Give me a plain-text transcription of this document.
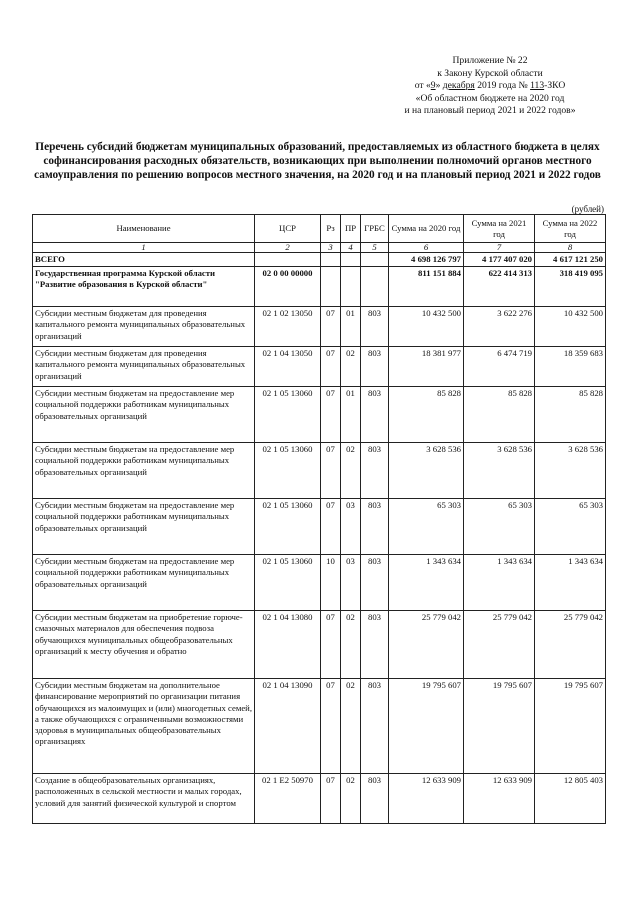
Приложение № 22
к Закону Курской области
от «9» декабря 2019 года № 113-ЗКО
«Об областном бюджете на 2020 год
и на плановый период 2021 и 2022 годов»
Перечень субсидий бюджетам муниципальных образований, предоставляемых из областного бюджета в целях софинансирования расходных обязательств, возникающих при выполнении полномочий органов местного самоуправления по решению вопросов местного значения, на 2020 год и на плановый период 2021 и 2022 годов
(рублей)
Наименование	ЦСР	Рз	ПР	ГРБС	Сумма на 2020 год	Сумма на 2021 год	Сумма на 2022 год
1	2	3	4	5	6	7	8
ВСЕГО					4 698 126 797	4 177 407 020	4 617 121 250
Государственная программа Курской области "Развитие образования в Курской области"	02 0 00 00000				811 151 884	622 414 313	318 419 095
Субсидии местным бюджетам для проведения капитального ремонта муниципальных образовательных организаций	02 1 02 13050	07	01	803	10 432 500	3 622 276	10 432 500
Субсидии местным бюджетам для проведения капитального ремонта муниципальных образовательных организаций	02 1 04 13050	07	02	803	18 381 977	6 474 719	18 359 683
Субсидии местным бюджетам на предоставление мер социальной поддержки работникам муниципальных образовательных организаций	02 1 05 13060	07	01	803	85 828	85 828	85 828
Субсидии местным бюджетам на предоставление мер социальной поддержки работникам муниципальных образовательных организаций	02 1 05 13060	07	02	803	3 628 536	3 628 536	3 628 536
Субсидии местным бюджетам на предоставление мер социальной поддержки работникам муниципальных образовательных организаций	02 1 05 13060	07	03	803	65 303	65 303	65 303
Субсидии местным бюджетам на предоставление мер социальной поддержки работникам муниципальных образовательных организаций	02 1 05 13060	10	03	803	1 343 634	1 343 634	1 343 634
Субсидии местным бюджетам на приобретение горюче-смазочных материалов для обеспечения подвоза обучающихся муниципальных общеобразовательных организаций к месту обучения и обратно	02 1 04 13080	07	02	803	25 779 042	25 779 042	25 779 042
Субсидии местным бюджетам на дополнительное финансирование мероприятий по организации питания обучающихся из малоимущих и (или) многодетных семей, а также обучающихся с ограниченными возможностями здоровья в муниципальных общеобразовательных организациях	02 1 04 13090	07	02	803	19 795 607	19 795 607	19 795 607
Создание в общеобразовательных организациях, расположенных в сельской местности и малых городах, условий для занятий физической культурой и спортом	02 1 E2 50970	07	02	803	12 633 909	12 633 909	12 805 403
